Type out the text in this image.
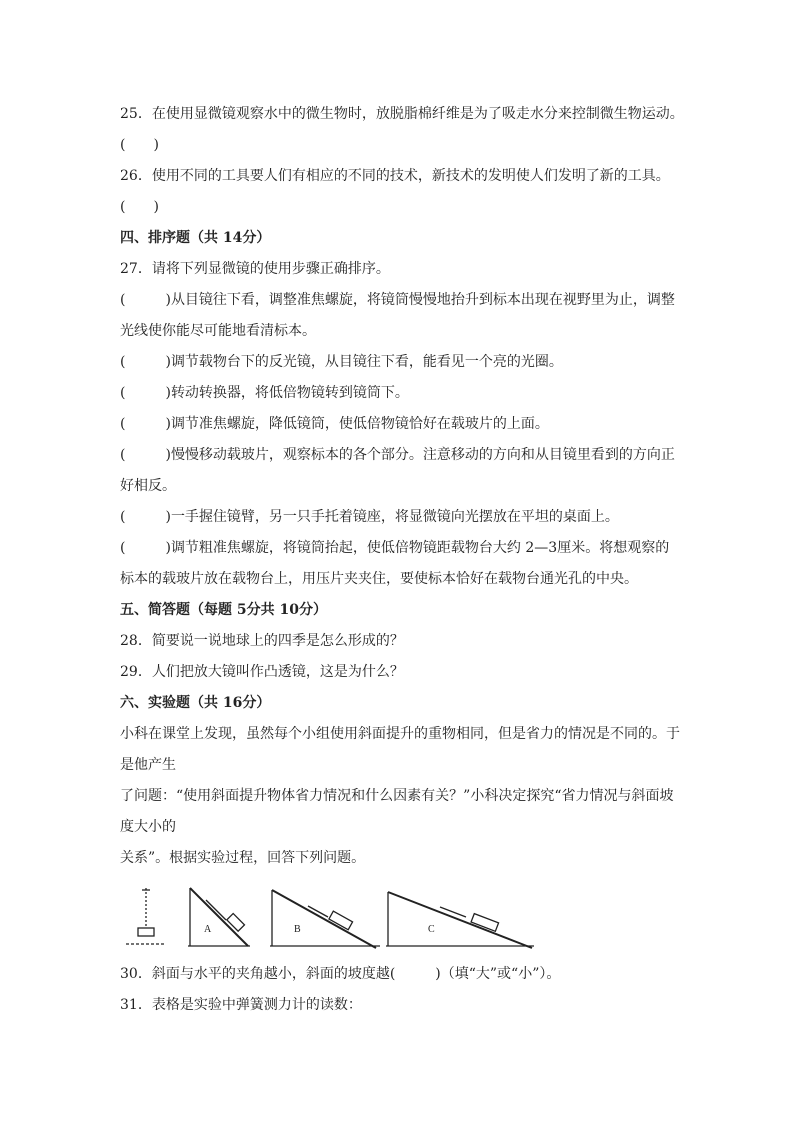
25．在使用显微镜观察水中的微生物时，放脱脂棉纤维是为了吸走水分来控制微生物运动。
(　　)
26．使用不同的工具要人们有相应的不同的技术，新技术的发明使人们发明了新的工具。
(　　)
四、排序题（共 14分）
27．请将下列显微镜的使用步骤正确排序。
(	)从目镜往下看，调整准焦螺旋，将镜筒慢慢地抬升到标本出现在视野里为止，调整
光线使你能尽可能地看清标本。
(	)调节载物台下的反光镜，从目镜往下看，能看见一个亮的光圈。
(	)转动转换器，将低倍物镜转到镜筒下。
(	)调节准焦螺旋，降低镜筒，使低倍物镜恰好在载玻片的上面。
(	)慢慢移动载玻片，观察标本的各个部分。注意移动的方向和从目镜里看到的方向正
好相反。
(	)一手握住镜臂，另一只手托着镜座，将显微镜向光摆放在平坦的桌面上。
(	)调节粗准焦螺旋，将镜筒抬起，使低倍物镜距载物台大约 2—3厘米。将想观察的
标本的载玻片放在载物台上，用压片夹夹住，要使标本恰好在载物台通光孔的中央。
五、简答题（每题 5分共 10分）
28．简要说一说地球上的四季是怎么形成的？
29．人们把放大镜叫作凸透镜，这是为什么？
六、实验题（共 16分）
小科在课堂上发现，虽然每个小组使用斜面提升的重物相同，但是省力的情况是不同的。于
是他产生
了问题：“使用斜面提升物体省力情况和什么因素有关？”小科决定探究“省力情况与斜面坡
度大小的
关系”。根据实验过程，回答下列问题。
A	B	C
30．斜面与水平的夹角越小，斜面的坡度越(	)（填“大”或“小”）。
31．表格是实验中弹簧测力计的读数：
